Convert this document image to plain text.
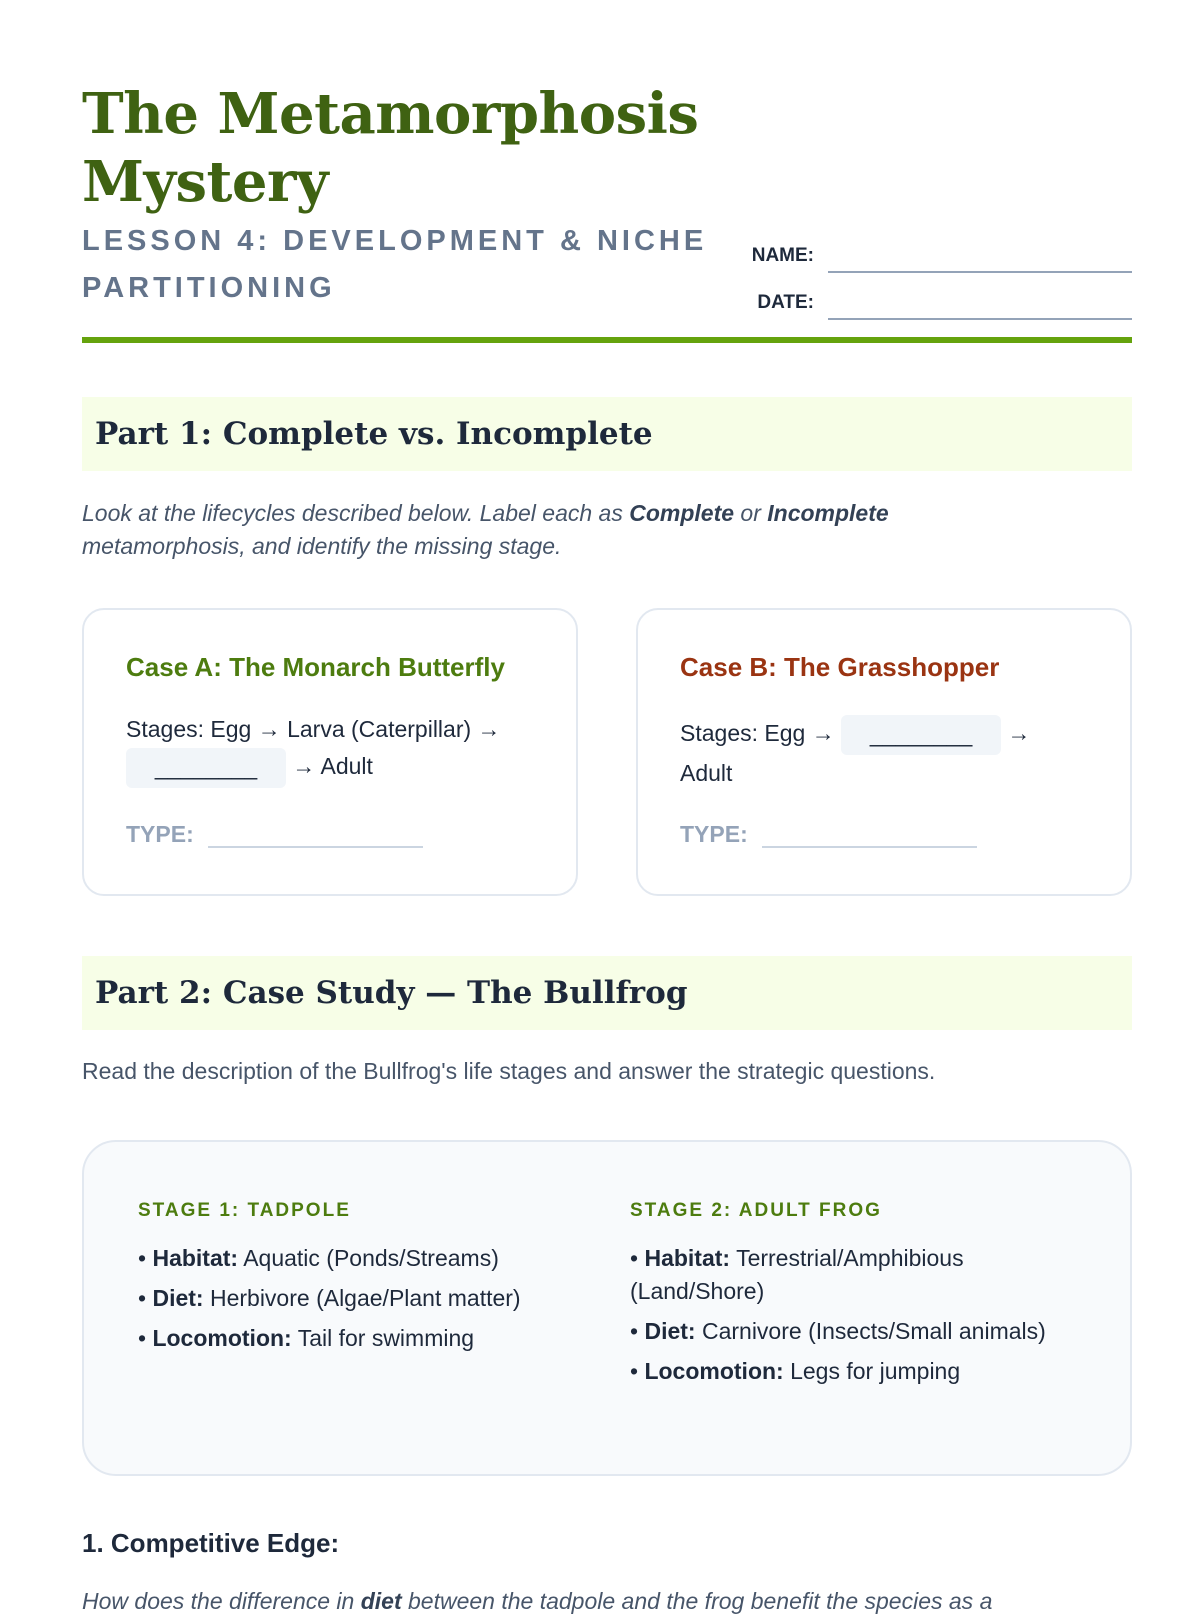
The Metamorphosis Mystery
LESSON 4: DEVELOPMENT & NICHE PARTITIONING
NAME:
DATE:
Part 1: Complete vs. Incomplete
Look at the lifecycles described below. Label each as Complete or Incomplete metamorphosis, and identify the missing stage.
Case A: The Monarch Butterfly
Stages: Egg → Larva (Caterpillar) → ________ → Adult
TYPE:
Case B: The Grasshopper
Stages: Egg → ________ → Adult
TYPE:
Part 2: Case Study — The Bullfrog
Read the description of the Bullfrog's life stages and answer the strategic questions.
STAGE 1: TADPOLE
• Habitat: Aquatic (Ponds/Streams)
• Diet: Herbivore (Algae/Plant matter)
• Locomotion: Tail for swimming
STAGE 2: ADULT FROG
• Habitat: Terrestrial/Amphibious (Land/Shore)
• Diet: Carnivore (Insects/Small animals)
• Locomotion: Legs for jumping
1. Competitive Edge:
How does the difference in diet between the tadpole and the frog benefit the species as a
